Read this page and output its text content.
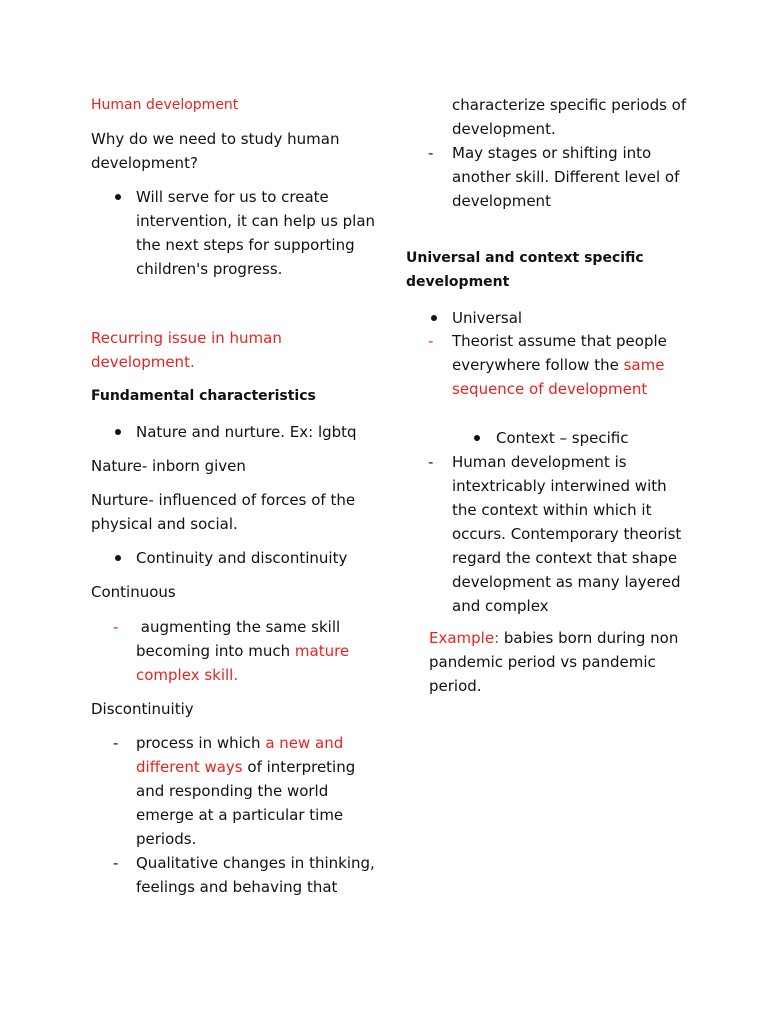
Human development
Why do we need to study human
development?
Will serve for us to create
intervention, it can help us plan
the next steps for supporting
children's progress.
Recurring issue in human
development.
Fundamental characteristics
Nature and nurture. Ex: lgbtq
Nature- inborn given
Nurture- influenced of forces of the
physical and social.
Continuity and discontinuity
Continuous
-	augmenting the same skill
becoming into much mature
complex skill.
Discontinuitiy
-	process in which a new and
different ways of interpreting
and responding the world
emerge at a particular time
periods.
-	Qualitative changes in thinking,
feelings and behaving that
characterize specific periods of
development.
-	May stages or shifting into
another skill. Different level of
development
Universal and context specific
development
Universal
-	Theorist assume that people
everywhere follow the same
sequence of development
Context – specific
-	Human development is
intextricably interwined with
the context within which it
occurs. Contemporary theorist
regard the context that shape
development as many layered
and complex
Example: babies born during non
pandemic period vs pandemic
period.
